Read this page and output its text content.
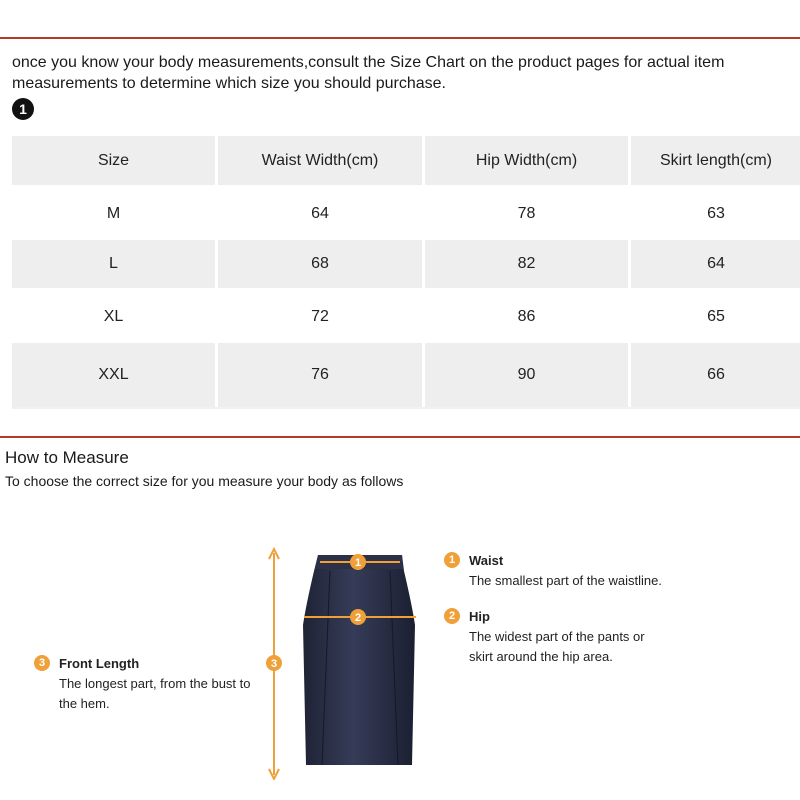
once you know your body measurements,consult the Size Chart on the product pages for actual item measurements to determine which size you should purchase.
1
Size	Waist Width(cm)	Hip Width(cm)	Skirt length(cm)
M	64	78	63
L	68	82	64
XL	72	86	65
XXL	76	90	66
How to Measure
To choose the correct size for you measure your body as follows
1
2
3
1	Waist
The smallest part of the waistline.
2	Hip
The widest part of the pants or
skirt around the hip area.
3	Front Length
The longest part, from the bust to
the hem.
